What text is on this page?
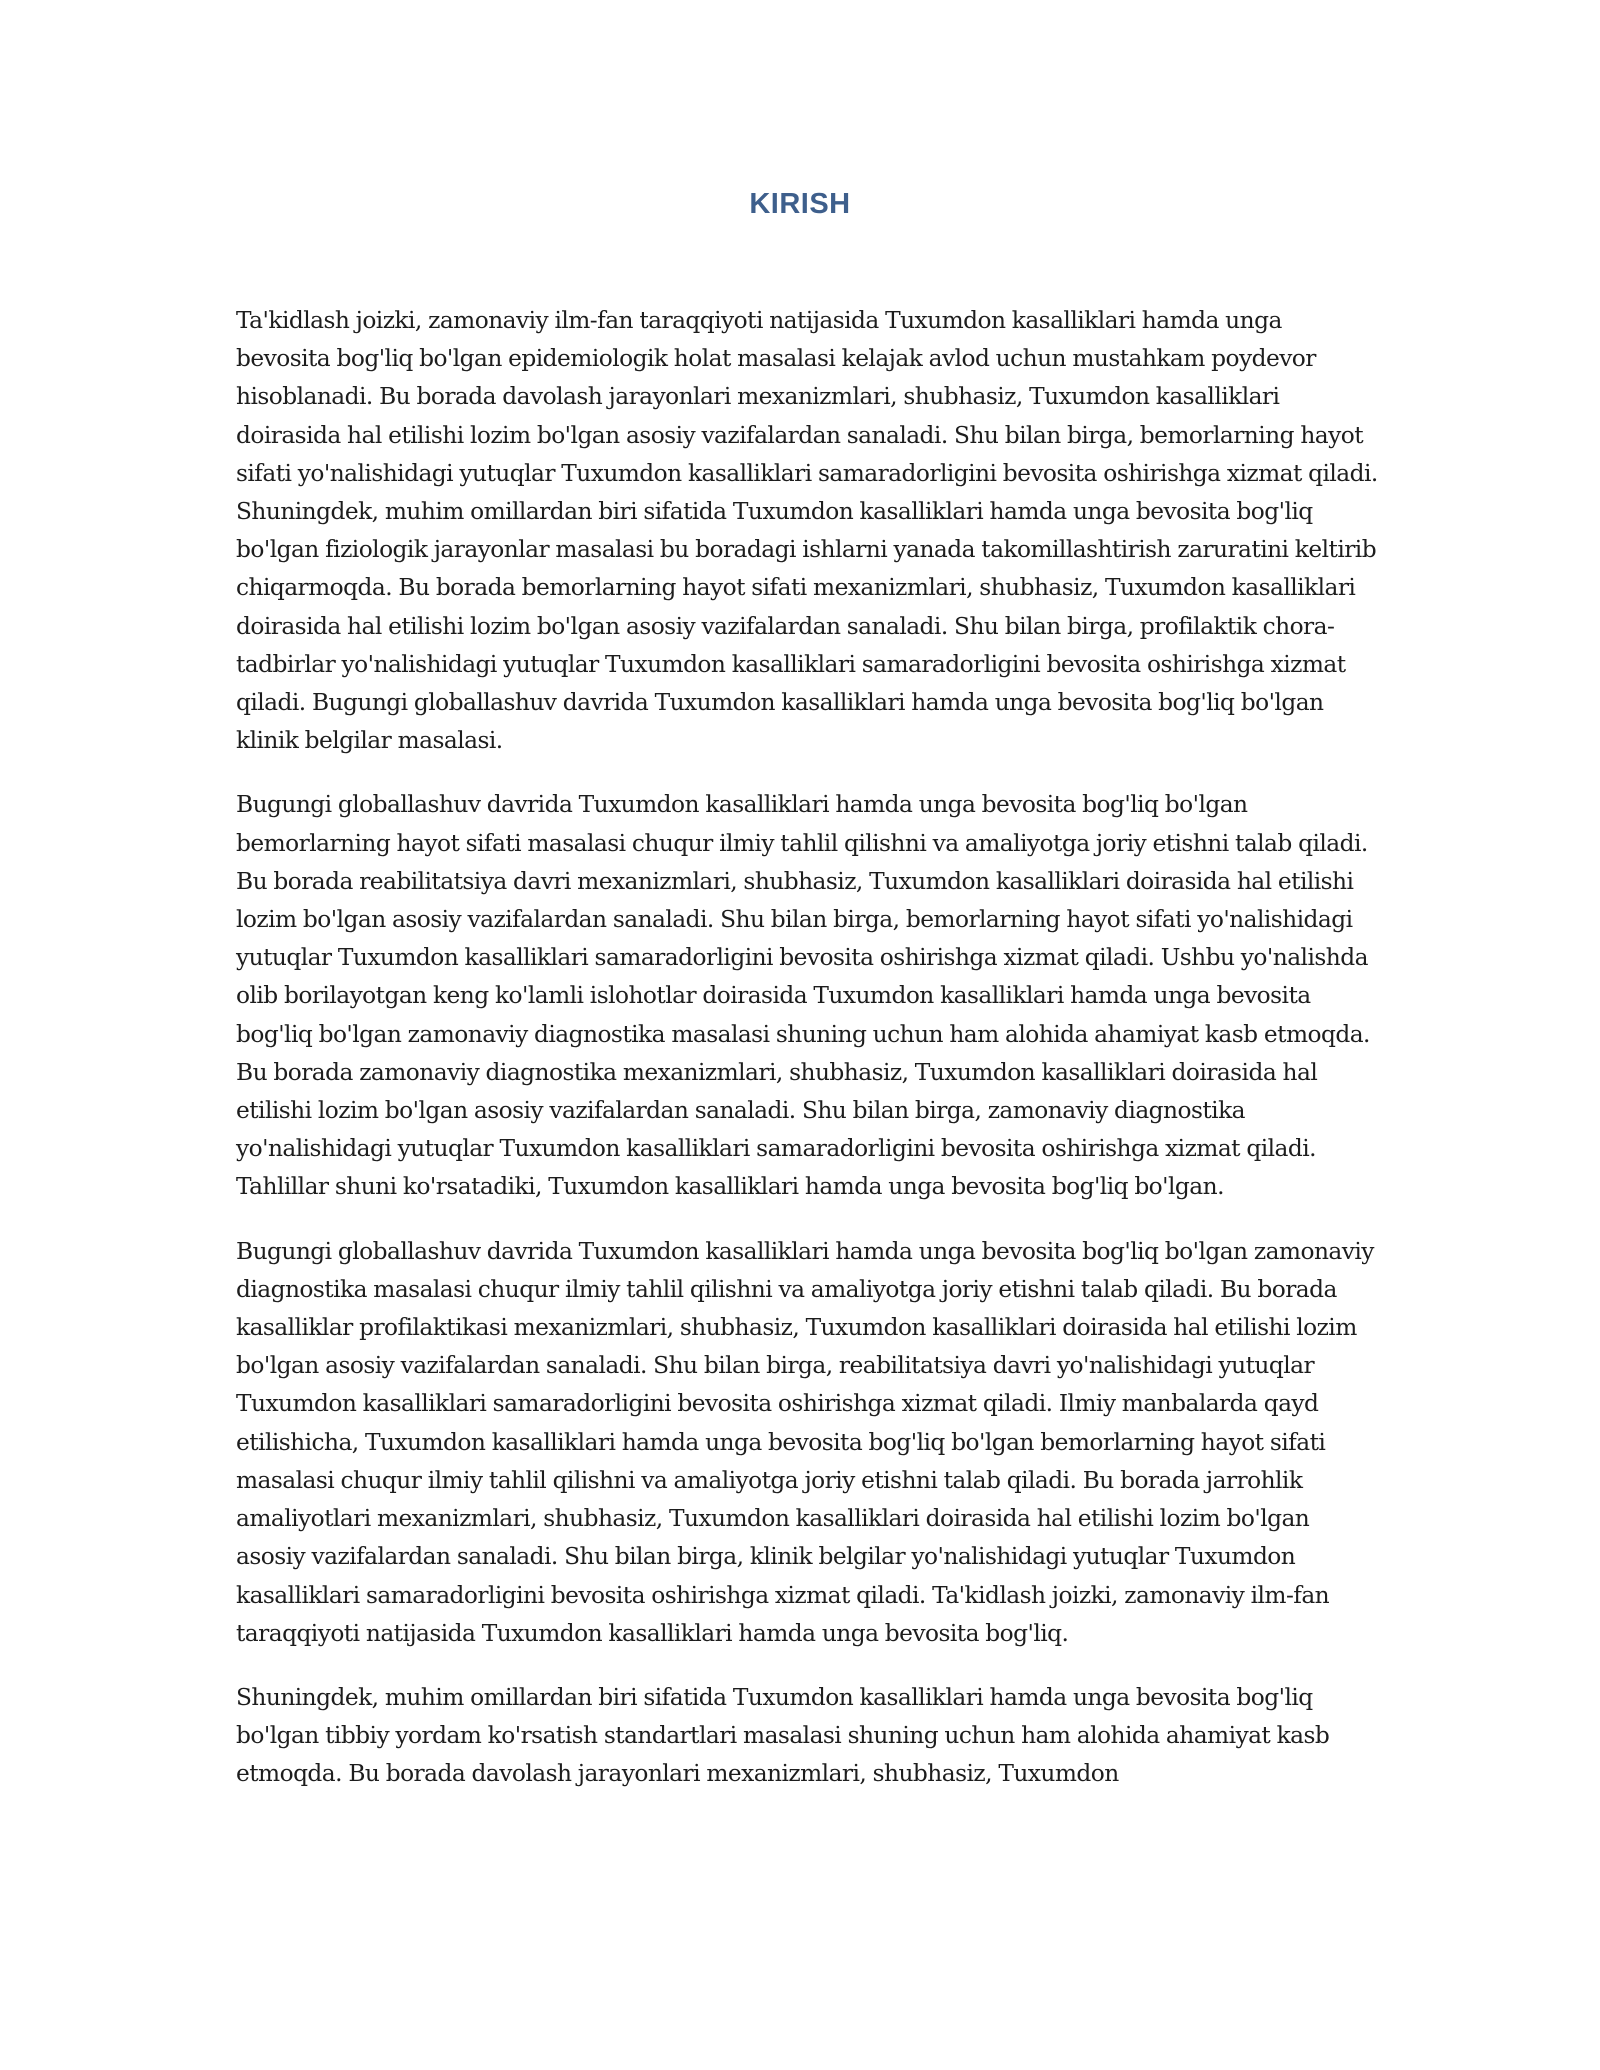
KIRISH

Ta'kidlash joizki, zamonaviy ilm-fan taraqqiyoti natijasida Tuxumdon kasalliklari hamda unga bevosita bog'liq bo'lgan epidemiologik holat masalasi kelajak avlod uchun mustahkam poydevor hisoblanadi. Bu borada davolash jarayonlari mexanizmlari, shubhasiz, Tuxumdon kasalliklari doirasida hal etilishi lozim bo'lgan asosiy vazifalardan sanaladi. Shu bilan birga, bemorlarning hayot sifati yo'nalishidagi yutuqlar Tuxumdon kasalliklari samaradorligini bevosita oshirishga xizmat qiladi. Shuningdek, muhim omillardan biri sifatida Tuxumdon kasalliklari hamda unga bevosita bog'liq bo'lgan fiziologik jarayonlar masalasi bu boradagi ishlarni yanada takomillashtirish zaruratini keltirib chiqarmoqda. Bu borada bemorlarning hayot sifati mexanizmlari, shubhasiz, Tuxumdon kasalliklari doirasida hal etilishi lozim bo'lgan asosiy vazifalardan sanaladi. Shu bilan birga, profilaktik chora-tadbirlar yo'nalishidagi yutuqlar Tuxumdon kasalliklari samaradorligini bevosita oshirishga xizmat qiladi. Bugungi globallashuv davrida Tuxumdon kasalliklari hamda unga bevosita bog'liq bo'lgan klinik belgilar masalasi.

Bugungi globallashuv davrida Tuxumdon kasalliklari hamda unga bevosita bog'liq bo'lgan bemorlarning hayot sifati masalasi chuqur ilmiy tahlil qilishni va amaliyotga joriy etishni talab qiladi. Bu borada reabilitatsiya davri mexanizmlari, shubhasiz, Tuxumdon kasalliklari doirasida hal etilishi lozim bo'lgan asosiy vazifalardan sanaladi. Shu bilan birga, bemorlarning hayot sifati yo'nalishidagi yutuqlar Tuxumdon kasalliklari samaradorligini bevosita oshirishga xizmat qiladi. Ushbu yo'nalishda olib borilayotgan keng ko'lamli islohotlar doirasida Tuxumdon kasalliklari hamda unga bevosita bog'liq bo'lgan zamonaviy diagnostika masalasi shuning uchun ham alohida ahamiyat kasb etmoqda. Bu borada zamonaviy diagnostika mexanizmlari, shubhasiz, Tuxumdon kasalliklari doirasida hal etilishi lozim bo'lgan asosiy vazifalardan sanaladi. Shu bilan birga, zamonaviy diagnostika yo'nalishidagi yutuqlar Tuxumdon kasalliklari samaradorligini bevosita oshirishga xizmat qiladi. Tahlillar shuni ko'rsatadiki, Tuxumdon kasalliklari hamda unga bevosita bog'liq bo'lgan.

Bugungi globallashuv davrida Tuxumdon kasalliklari hamda unga bevosita bog'liq bo'lgan zamonaviy diagnostika masalasi chuqur ilmiy tahlil qilishni va amaliyotga joriy etishni talab qiladi. Bu borada kasalliklar profilaktikasi mexanizmlari, shubhasiz, Tuxumdon kasalliklari doirasida hal etilishi lozim bo'lgan asosiy vazifalardan sanaladi. Shu bilan birga, reabilitatsiya davri yo'nalishidagi yutuqlar Tuxumdon kasalliklari samaradorligini bevosita oshirishga xizmat qiladi. Ilmiy manbalarda qayd etilishicha, Tuxumdon kasalliklari hamda unga bevosita bog'liq bo'lgan bemorlarning hayot sifati masalasi chuqur ilmiy tahlil qilishni va amaliyotga joriy etishni talab qiladi. Bu borada jarrohlik amaliyotlari mexanizmlari, shubhasiz, Tuxumdon kasalliklari doirasida hal etilishi lozim bo'lgan asosiy vazifalardan sanaladi. Shu bilan birga, klinik belgilar yo'nalishidagi yutuqlar Tuxumdon kasalliklari samaradorligini bevosita oshirishga xizmat qiladi. Ta'kidlash joizki, zamonaviy ilm-fan taraqqiyoti natijasida Tuxumdon kasalliklari hamda unga bevosita bog'liq.

Shuningdek, muhim omillardan biri sifatida Tuxumdon kasalliklari hamda unga bevosita bog'liq bo'lgan tibbiy yordam ko'rsatish standartlari masalasi shuning uchun ham alohida ahamiyat kasb etmoqda. Bu borada davolash jarayonlari mexanizmlari, shubhasiz, Tuxumdon
